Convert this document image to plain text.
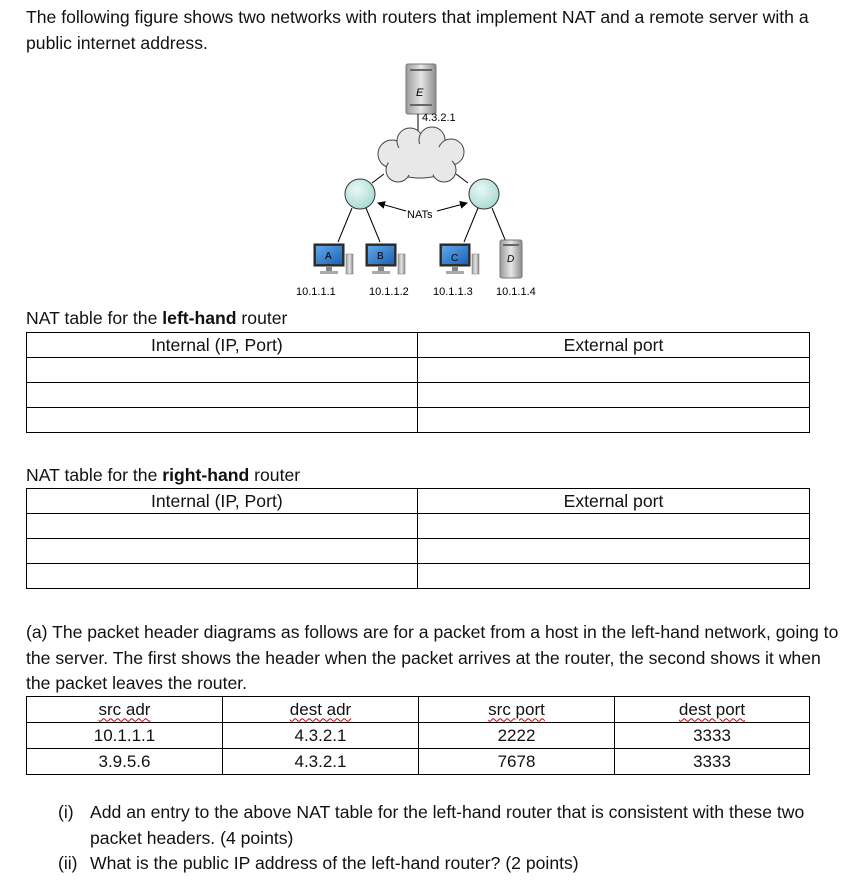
The following figure shows two networks with routers that implement NAT and a remote server with a public internet address.
E
4.3.2.1
NATs
A	B	C	D
10.1.1.1	10.1.1.2 10.1.1.3 10.1.1.4
NAT table for the left-hand router
Internal (IP, Port)	External port

NAT table for the right-hand router
Internal (IP, Port)	External port

(a) The packet header diagrams as follows are for a packet from a host in the left-hand network, going to the server. The first shows the header when the packet arrives at the router, the second shows it when the packet leaves the router.
src adr	dest adr	src port	dest port
10.1.1.1	4.3.2.1	2222	3333
3.9.5.6	4.3.2.1	7678	3333
(i) Add an entry to the above NAT table for the left-hand router that is consistent with these two packet headers. (4 points)
(ii) What is the public IP address of the left-hand router? (2 points)
